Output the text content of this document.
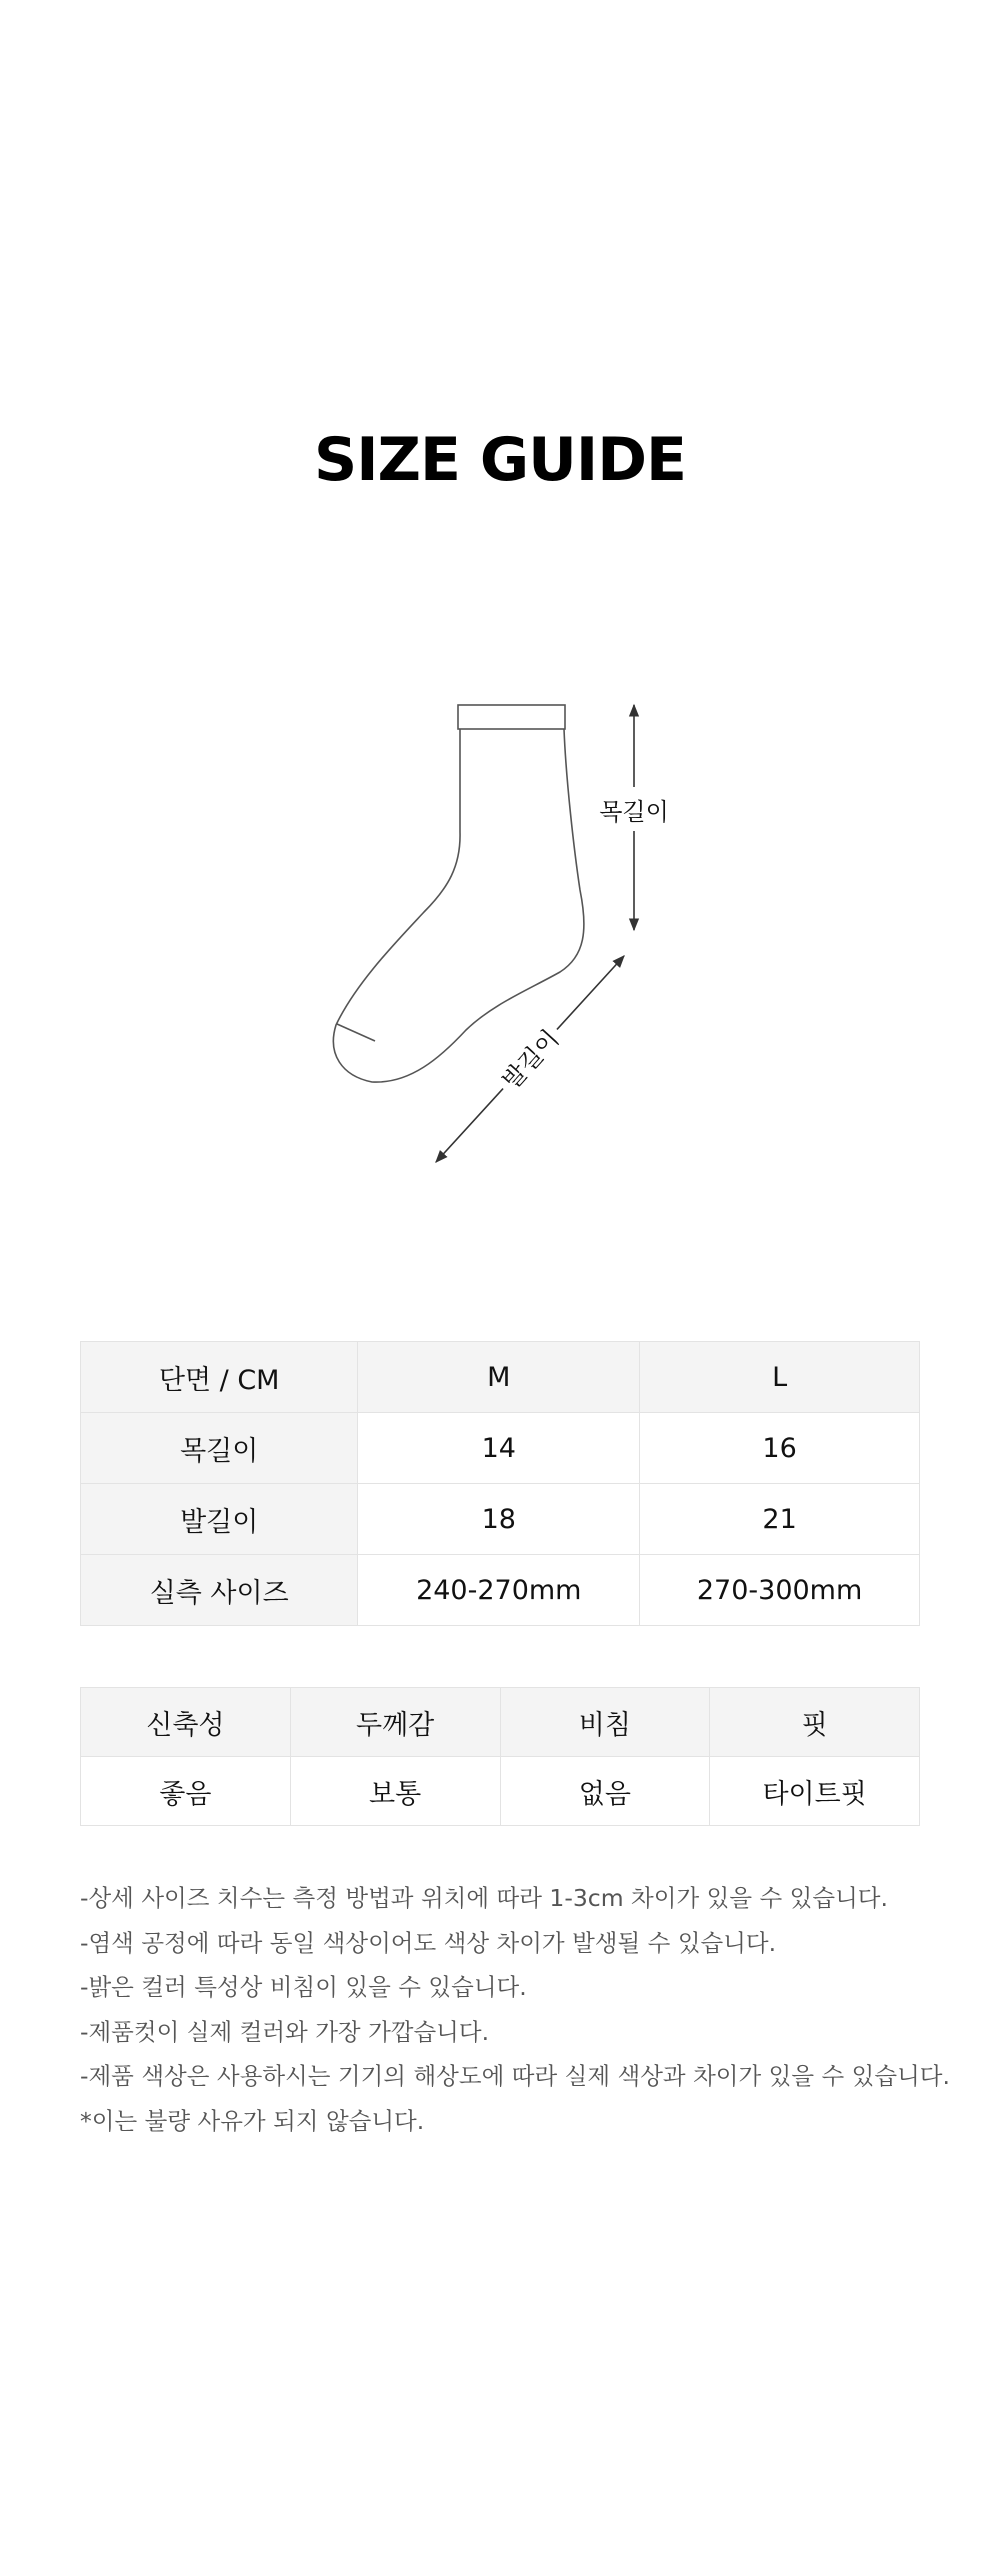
SIZE GUIDE
목길이
발길이
단면 / CM	M	L
목길이	14	16
발길이	18	21
실측 사이즈	240-270mm	270-300mm
신축성	두께감	비침	핏
좋음	보통	없음	타이트핏

-상세 사이즈 치수는 측정 방법과 위치에 따라 1-3cm 차이가 있을 수 있습니다.

-염색 공정에 따라 동일 색상이어도 색상 차이가 발생될 수 있습니다.

-밝은 컬러 특성상 비침이 있을 수 있습니다.

-제품컷이 실제 컬러와 가장 가깝습니다.

-제품 색상은 사용하시는 기기의 해상도에 따라 실제 색상과 차이가 있을 수 있습니다.

*이는 불량 사유가 되지 않습니다.
